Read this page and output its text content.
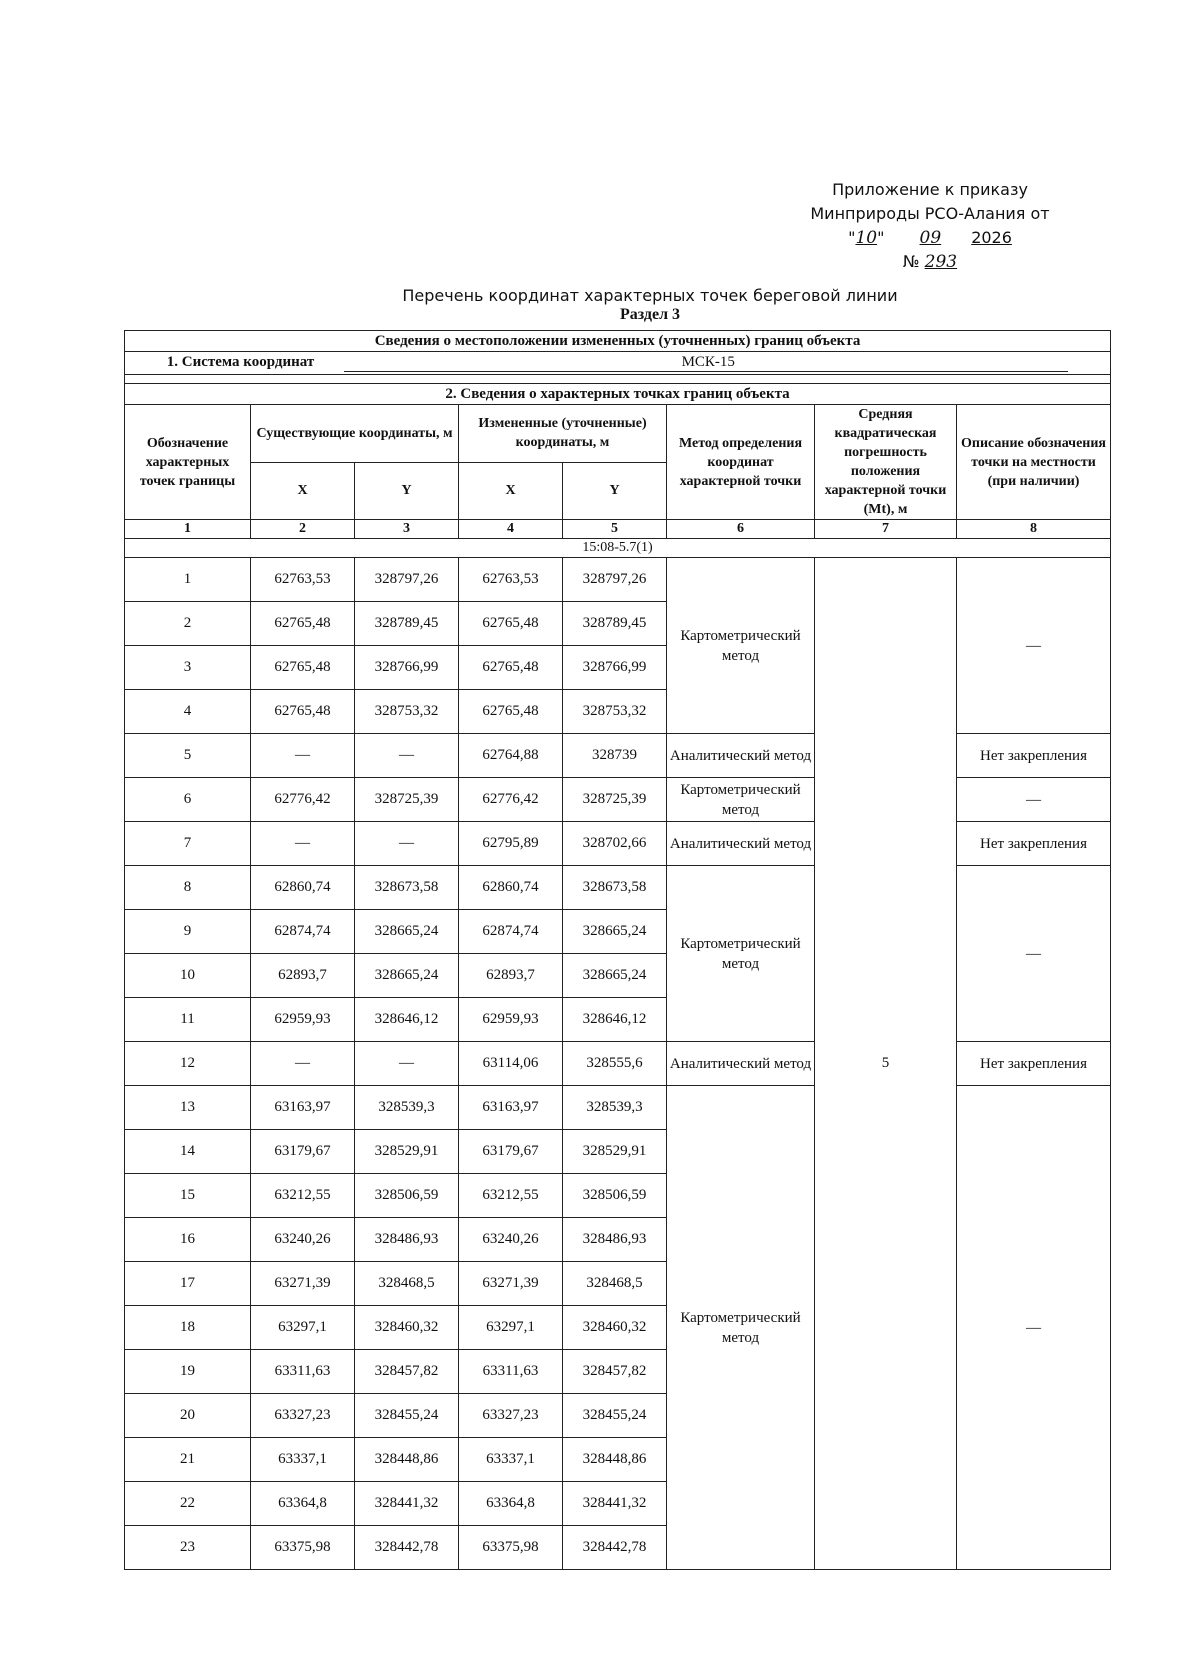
Приложение к приказу
Минприроды РСО-Алания от
"10" 09 2026
№ 293
Перечень координат характерных точек береговой линии
Раздел 3
Сведения о местоположении измененных (уточненных) границ объекта							
1. Система координат МСК-15							

2. Сведения о характерных точках границ объекта							
Обозначение характерных точек границы	Существующие координаты, м		Измененные (уточненные) координаты, м		Метод определения координат характерной точки	Средняя квадратическая погрешность положения характерной точки (Mt), м	Описание обозначения точки на местности (при наличии)
	X	Y	X	Y			
1	2	3	4	5	6	7	8
15:08-5.7(1)							
1	62763,53	328797,26	62763,53	328797,26	Картометрический метод	5	—
2	62765,48	328789,45	62765,48	328789,45			
3	62765,48	328766,99	62765,48	328766,99			
4	62765,48	328753,32	62765,48	328753,32			
5	—	—	62764,88	328739	Аналитический метод		Нет закрепления
6	62776,42	328725,39	62776,42	328725,39	Картометрический метод		—
7	—	—	62795,89	328702,66	Аналитический метод		Нет закрепления
8	62860,74	328673,58	62860,74	328673,58	Картометрический метод		—
9	62874,74	328665,24	62874,74	328665,24			
10	62893,7	328665,24	62893,7	328665,24			
11	62959,93	328646,12	62959,93	328646,12			
12	—	—	63114,06	328555,6	Аналитический метод		Нет закрепления
13	63163,97	328539,3	63163,97	328539,3	Картометрический метод		—
14	63179,67	328529,91	63179,67	328529,91			
15	63212,55	328506,59	63212,55	328506,59			
16	63240,26	328486,93	63240,26	328486,93			
17	63271,39	328468,5	63271,39	328468,5			
18	63297,1	328460,32	63297,1	328460,32			
19	63311,63	328457,82	63311,63	328457,82			
20	63327,23	328455,24	63327,23	328455,24			
21	63337,1	328448,86	63337,1	328448,86			
22	63364,8	328441,32	63364,8	328441,32			
23	63375,98	328442,78	63375,98	328442,78			
